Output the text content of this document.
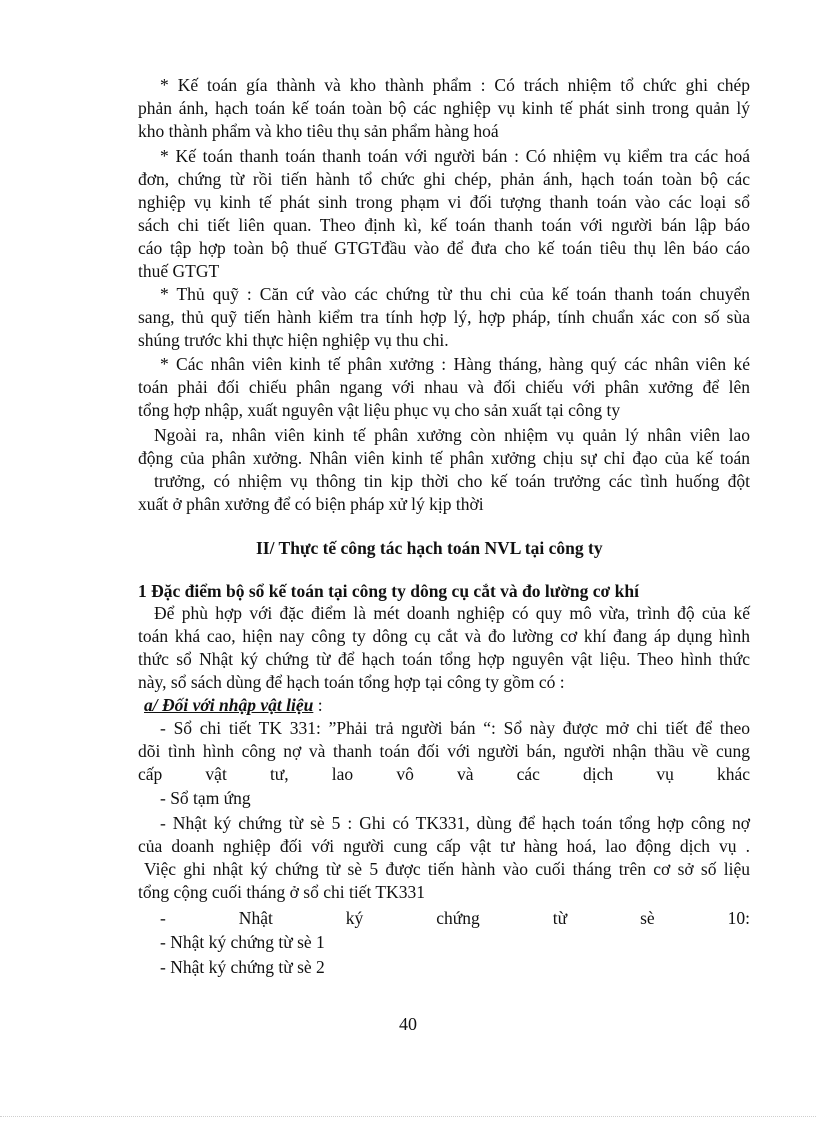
* Kế toán gía thành và kho thành phẩm : Có trách nhiệm tổ chức ghi chép
phản ánh, hạch toán kế toán toàn bộ các nghiệp vụ kinh tế phát sinh trong quản lý
kho thành phẩm và kho tiêu thụ sản phẩm hàng hoá
* Kế toán thanh toán thanh toán với người bán : Có nhiệm vụ kiểm tra các hoá
đơn, chứng từ rồi tiến hành tổ chức ghi chép, phản ánh, hạch toán toàn bộ các
nghiệp vụ kinh tế phát sinh trong phạm vi đối tượng thanh toán vào các loại sổ
sách chi tiết liên quan. Theo định kì, kế toán thanh toán với người bán lập báo
cáo tập hợp toàn bộ thuế GTGTđầu vào để đưa cho kế toán tiêu thụ lên báo cáo
thuế GTGT
* Thủ quỹ : Căn cứ vào các chứng từ thu chi của kế toán thanh toán chuyển
sang, thủ quỹ tiến hành kiểm tra tính hợp lý, hợp pháp, tính chuẩn xác con số sùa
shúng trước khi thực hiện nghiệp vụ thu chi.
* Các nhân viên kinh tế phân xưởng : Hàng tháng, hàng quý các nhân viên ké
toán phải đối chiếu phân ngang với nhau và đối chiếu với phân xưởng để lên
tổng hợp nhập, xuất nguyên vật liệu phục vụ cho sản xuất tại công ty
Ngoài ra, nhân viên kinh tế phân xưởng còn nhiệm vụ quản lý nhân viên lao
động của phân xưởng. Nhân viên kinh tế phân xưởng chịu sự chỉ đạo của kế toán
trưởng, có nhiệm vụ thông tin kịp thời cho kế toán trưởng các tình huống đột
xuất ở phân xưởng để có biện pháp xử lý kịp thời
II/ Thực tế công tác hạch toán NVL tại công ty
1 Đặc điểm bộ sổ kế toán tại công ty dông cụ cắt và đo lường cơ khí
Để phù hợp với đặc điểm là mét doanh nghiệp có quy mô vừa, trình độ của kế
toán khá cao, hiện nay công ty dông cụ cắt và đo lường cơ khí đang áp dụng hình
thức sổ Nhật ký chứng từ để hạch toán tổng hợp nguyên vật liệu. Theo hình thức
này, sổ sách dùng để hạch toán tổng hợp tại công ty gồm có :
a/ Đối với nhập vật liệu :
- Sổ chi tiết TK 331: ”Phải trả người bán “: Sổ này được mở chi tiết để theo
dõi tình hình công nợ và thanh toán đối với người bán, người nhận thầu về cung
cấp vật tư, lao vô và các dịch vụ khác
- Sổ tạm ứng
- Nhật ký chứng từ sè 5 : Ghi có TK331, dùng để hạch toán tổng hợp công nợ
của doanh nghiệp đối với người cung cấp vật tư hàng hoá, lao động dịch vụ .
Việc ghi nhật ký chứng từ sè 5 được tiến hành vào cuối tháng trên cơ sở số liệu
tổng cộng cuối tháng ở sổ chi tiết TK331
- Nhật ký chứng từ sè 10:
- Nhật ký chứng từ sè 1
- Nhật ký chứng từ sè 2
40
